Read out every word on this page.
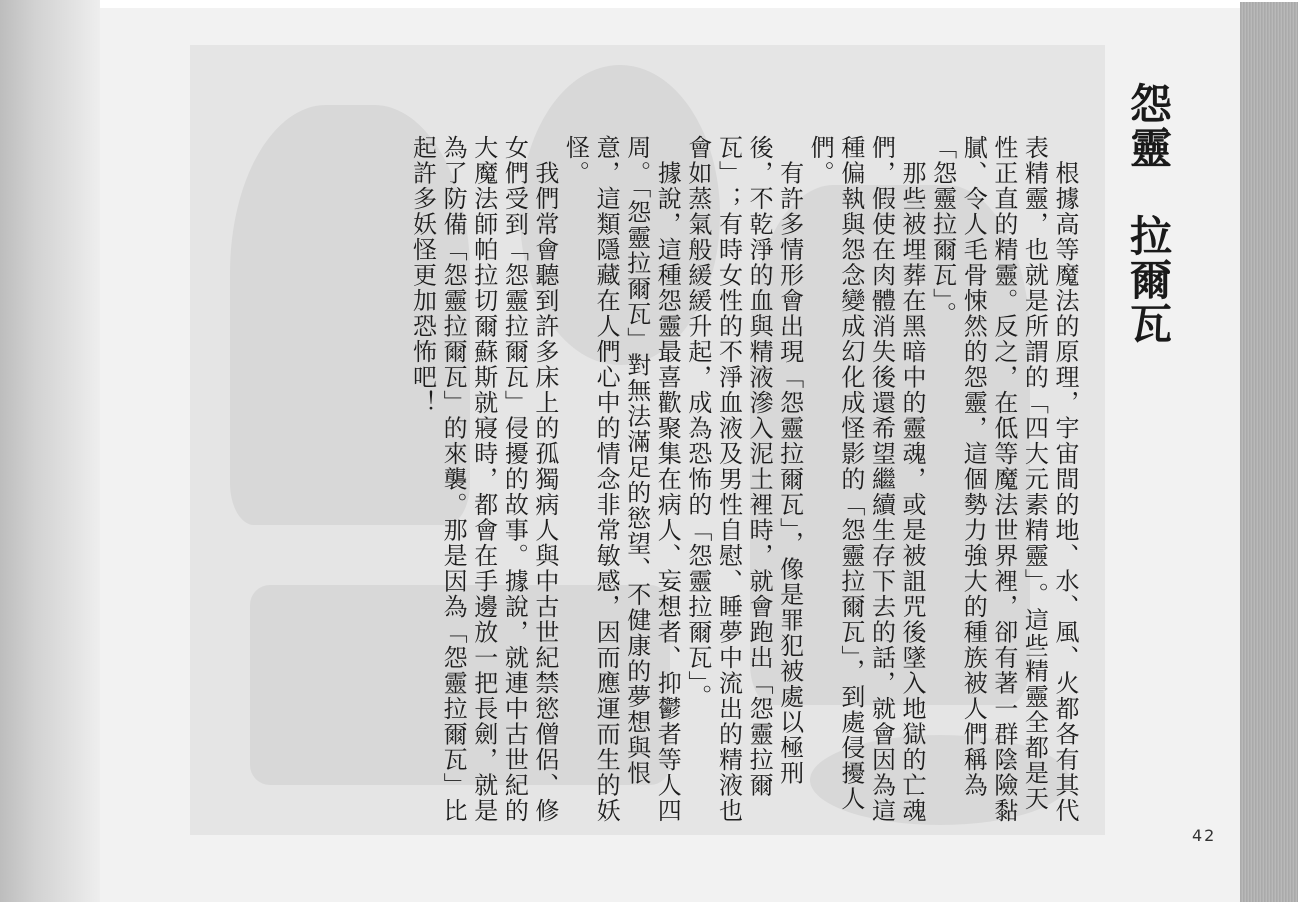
怨靈　拉爾瓦

　根據高等魔法的原理，宇宙間的地、水、風、火都各有其代表精靈，也就是所謂的「四大元素精靈」。這些精靈全都是天性正直的精靈。反之，在低等魔法世界裡，卻有著一群陰險黏膩、令人毛骨悚然的怨靈，這個勢力強大的種族被人們稱為「怨靈拉爾瓦」。

　那些被埋葬在黑暗中的靈魂，或是被詛咒後墜入地獄的亡魂們，假使在肉體消失後還希望繼續生存下去的話，就會因為這種偏執與怨念變成幻化成怪影的「怨靈拉爾瓦」，到處侵擾人們。

　有許多情形會出現「怨靈拉爾瓦」，像是罪犯被處以極刑後，不乾淨的血與精液滲入泥土裡時，就會跑出「怨靈拉爾瓦」；有時女性的不淨血液及男性自慰、睡夢中流出的精液也會如蒸氣般緩緩升起，成為恐怖的「怨靈拉爾瓦」。

　據說，這種怨靈最喜歡聚集在病人、妄想者、抑鬱者等人四周。「怨靈拉爾瓦」對無法滿足的慾望、不健康的夢想與恨意，這類隱藏在人們心中的情念非常敏感，因而應運而生的妖怪。

　我們常會聽到許多床上的孤獨病人與中古世紀禁慾僧侶、修女們受到「怨靈拉爾瓦」侵擾的故事。據說，就連中古世紀的大魔法師帕拉切爾蘇斯就寢時，都會在手邊放一把長劍，就是為了防備「怨靈拉爾瓦」的來襲。那是因為「怨靈拉爾瓦」比起許多妖怪更加恐怖吧！

42
